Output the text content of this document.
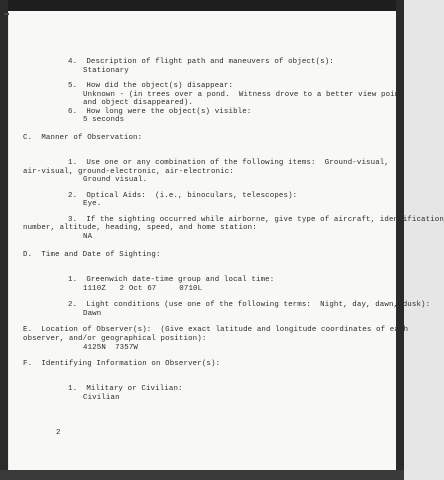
4.  Description of flight path and maneuvers of object(s):
Stationary
5.  How did the object(s) disappear:
Unknown - (in trees over a pond.  Witness drove to a better view point
and object disappeared).
6.  How long were the object(s) visible:
5 seconds
C.  Manner of Observation:
1.  Use one or any combination of the following items:  Ground-visual,
air-visual, ground-electronic, air-electronic:
Ground visual.
2.  Optical Aids:  (i.e., binoculars, telescopes):
Eye.
3.  If the sighting occurred while airborne, give type of aircraft, identification
number, altitude, heading, speed, and home station:
NA
D.  Time and Date of Sighting:
1.  Greenwich date-time group and local time:
1110Z   2 Oct 67     0710L
2.  Light conditions (use one of the following terms:  Night, day, dawn, dusk):
Dawn
E.  Location of Observer(s):  (Give exact latitude and longitude coordinates of each
observer, and/or geographical position):
4125N  7357W
F.  Identifying Information on Observer(s):
1.  Military or Civilian:
Civilian
2
